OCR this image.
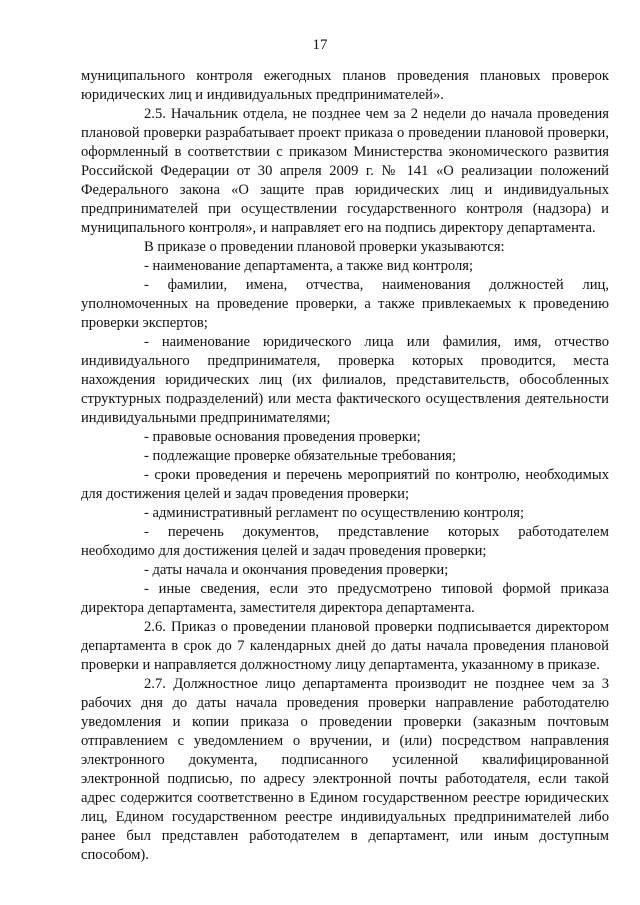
17

муниципального контроля ежегодных планов проведения плановых проверок юридических лиц и индивидуальных предпринимателей».

2.5. Начальник отдела, не позднее чем за 2 недели до начала проведения плановой проверки разрабатывает проект приказа о проведении плановой проверки, оформленный в соответствии с приказом Министерства экономического развития Российской Федерации от 30 апреля 2009 г. № 141 «О реализации положений Федерального закона «О защите прав юридических лиц и индивидуальных предпринимателей при осуществлении государственного контроля (надзора) и муниципального контроля», и направляет его на подпись директору департамента.

В приказе о проведении плановой проверки указываются:

- наименование департамента, а также вид контроля;

- фамилии, имена, отчества, наименования должностей лиц, уполномоченных на проведение проверки, а также привлекаемых к проведению проверки экспертов;

- наименование юридического лица или фамилия, имя, отчество индивидуального предпринимателя, проверка которых проводится, места нахождения юридических лиц (их филиалов, представительств, обособленных структурных подразделений) или места фактического осуществления деятельности индивидуальными предпринимателями;

- правовые основания проведения проверки;

- подлежащие проверке обязательные требования;

- сроки проведения и перечень мероприятий по контролю, необходимых для достижения целей и задач проведения проверки;

- административный регламент по осуществлению контроля;

- перечень документов, представление которых работодателем необходимо для достижения целей и задач проведения проверки;

- даты начала и окончания проведения проверки;

- иные сведения, если это предусмотрено типовой формой приказа директора департамента, заместителя директора департамента.

2.6. Приказ о проведении плановой проверки подписывается директором департамента в срок до 7 календарных дней до даты начала проведения плановой проверки и направляется должностному лицу департамента, указанному в приказе.

2.7. Должностное лицо департамента производит не позднее чем за 3 рабочих дня до даты начала проведения проверки направление работодателю уведомления и копии приказа о проведении проверки (заказным почтовым отправлением с уведомлением о вручении, и (или) посредством направления электронного документа, подписанного усиленной квалифицированной электронной подписью, по адресу электронной почты работодателя, если такой адрес содержится соответственно в Едином государственном реестре юридических лиц, Едином государственном реестре индивидуальных предпринимателей либо ранее был представлен работодателем в департамент, или иным доступным способом).
